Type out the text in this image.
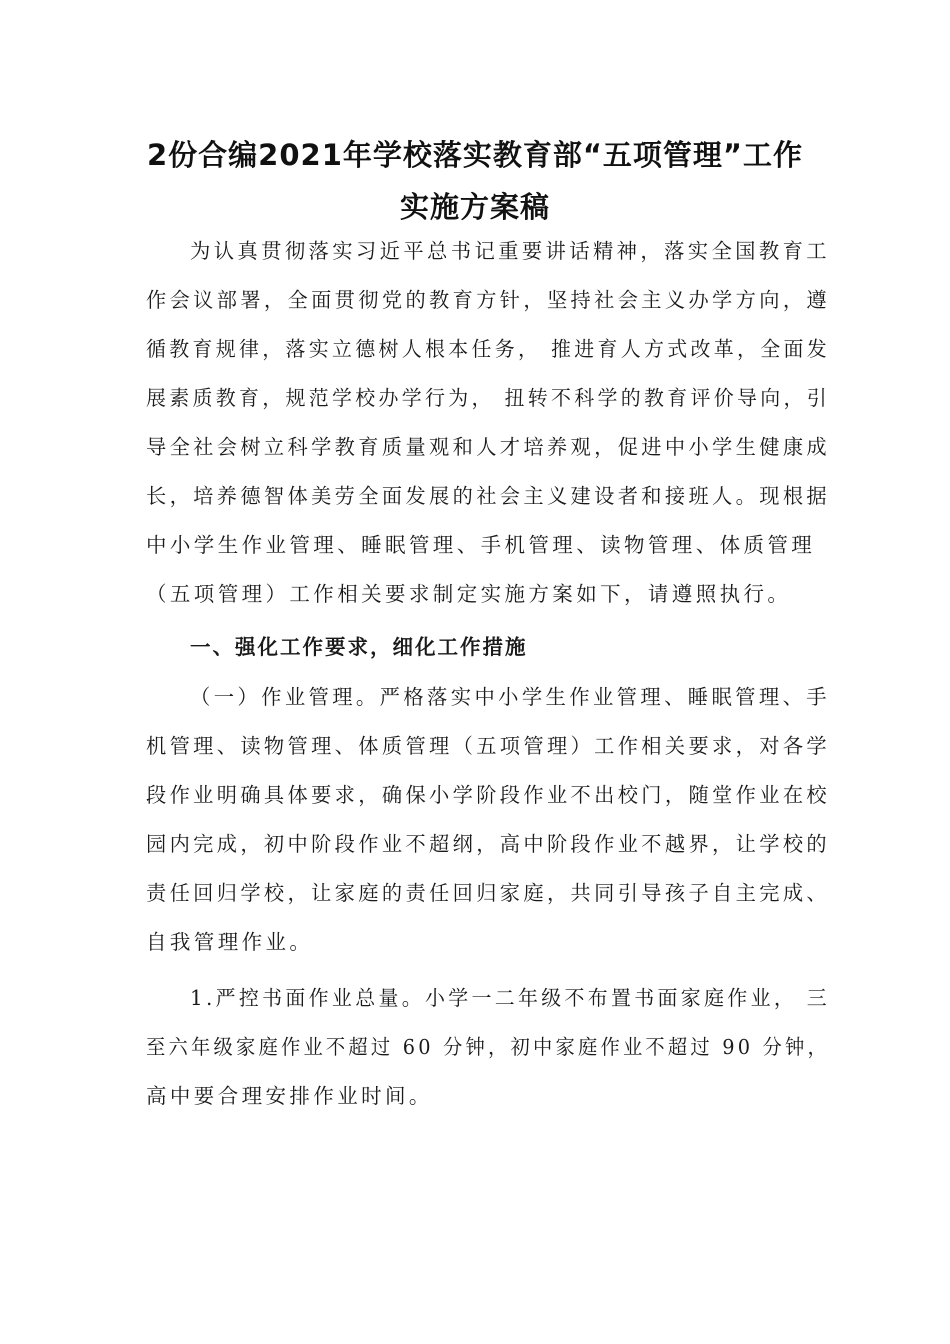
2份合编2021年学校落实教育部“五项管理”工作
实施方案稿
为认真贯彻落实习近平总书记重要讲话精神，落实全国教育工
作会议部署，全面贯彻党的教育方针，坚持社会主义办学方向，遵
循教育规律，落实立德树人根本任务， 推进育人方式改革，全面发
展素质教育，规范学校办学行为， 扭转不科学的教育评价导向，引
导全社会树立科学教育质量观和人才培养观，促进中小学生健康成
长，培养德智体美劳全面发展的社会主义建设者和接班人。现根据
中小学生作业管理、睡眠管理、手机管理、读物管理、体质管理
（五项管理）工作相关要求制定实施方案如下，请遵照执行。
一、强化工作要求，细化工作措施
（一）作业管理。严格落实中小学生作业管理、睡眠管理、手
机管理、读物管理、体质管理（五项管理）工作相关要求，对各学
段作业明确具体要求，确保小学阶段作业不出校门，随堂作业在校
园内完成，初中阶段作业不超纲，高中阶段作业不越界，让学校的
责任回归学校，让家庭的责任回归家庭，共同引导孩子自主完成、
自我管理作业。
1.严控书面作业总量。小学一二年级不布置书面家庭作业， 三
至六年级家庭作业不超过 60 分钟，初中家庭作业不超过 90 分钟，
高中要合理安排作业时间。
